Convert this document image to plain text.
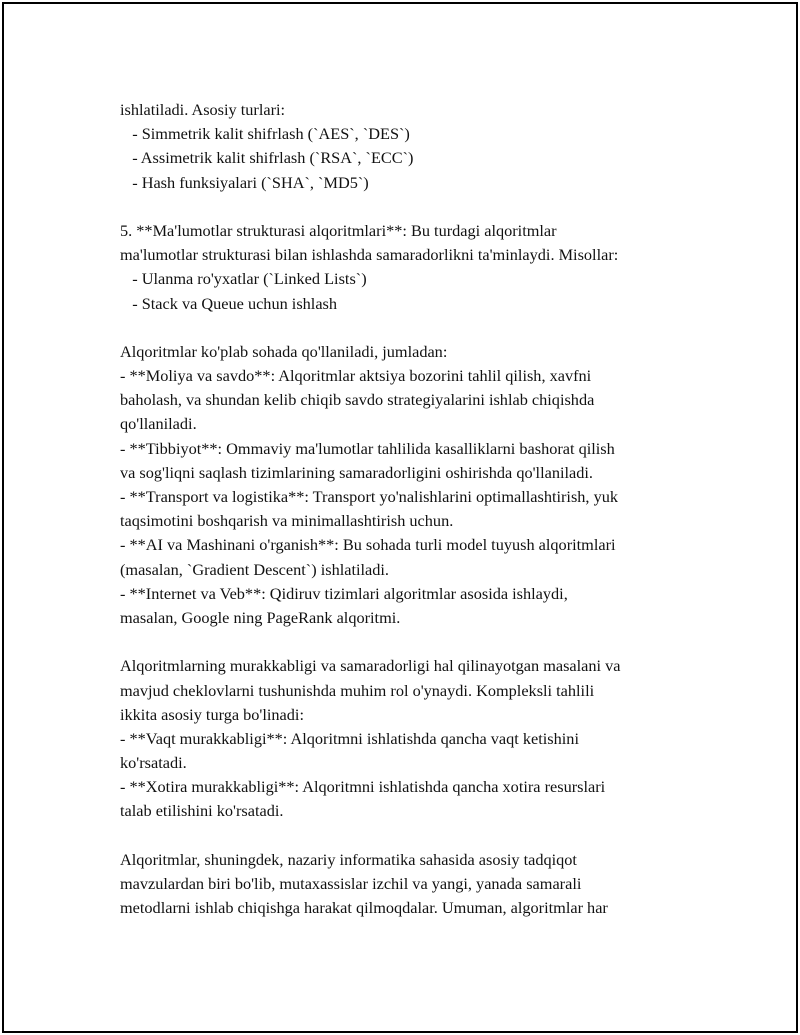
ishlatiladi. Asosiy turlari:
- Simmetrik kalit shifrlash (`AES`, `DES`)
- Assimetrik kalit shifrlash (`RSA`, `ECC`)
- Hash funksiyalari (`SHA`, `MD5`)
5. **Ma'lumotlar strukturasi alqoritmlari**: Bu turdagi alqoritmlar
ma'lumotlar strukturasi bilan ishlashda samaradorlikni ta'minlaydi. Misollar:
- Ulanma ro'yxatlar (`Linked Lists`)
- Stack va Queue uchun ishlash
Alqoritmlar ko'plab sohada qo'llaniladi, jumladan:
- **Moliya va savdo**: Alqoritmlar aktsiya bozorini tahlil qilish, xavfni
baholash, va shundan kelib chiqib savdo strategiyalarini ishlab chiqishda
qo'llaniladi.
- **Tibbiyot**: Ommaviy ma'lumotlar tahlilida kasalliklarni bashorat qilish
va sog'liqni saqlash tizimlarining samaradorligini oshirishda qo'llaniladi.
- **Transport va logistika**: Transport yo'nalishlarini optimallashtirish, yuk
taqsimotini boshqarish va minimallashtirish uchun.
- **AI va Mashinani o'rganish**: Bu sohada turli model tuyush alqoritmlari
(masalan, `Gradient Descent`) ishlatiladi.
- **Internet va Veb**: Qidiruv tizimlari algoritmlar asosida ishlaydi,
masalan, Google ning PageRank alqoritmi.
Alqoritmlarning murakkabligi va samaradorligi hal qilinayotgan masalani va
mavjud cheklovlarni tushunishda muhim rol o'ynaydi. Kompleksli tahlili
ikkita asosiy turga bo'linadi:
- **Vaqt murakkabligi**: Alqoritmni ishlatishda qancha vaqt ketishini
ko'rsatadi.
- **Xotira murakkabligi**: Alqoritmni ishlatishda qancha xotira resurslari
talab etilishini ko'rsatadi.
Alqoritmlar, shuningdek, nazariy informatika sahasida asosiy tadqiqot
mavzulardan biri bo'lib, mutaxassislar izchil va yangi, yanada samarali
metodlarni ishlab chiqishga harakat qilmoqdalar. Umuman, algoritmlar har
